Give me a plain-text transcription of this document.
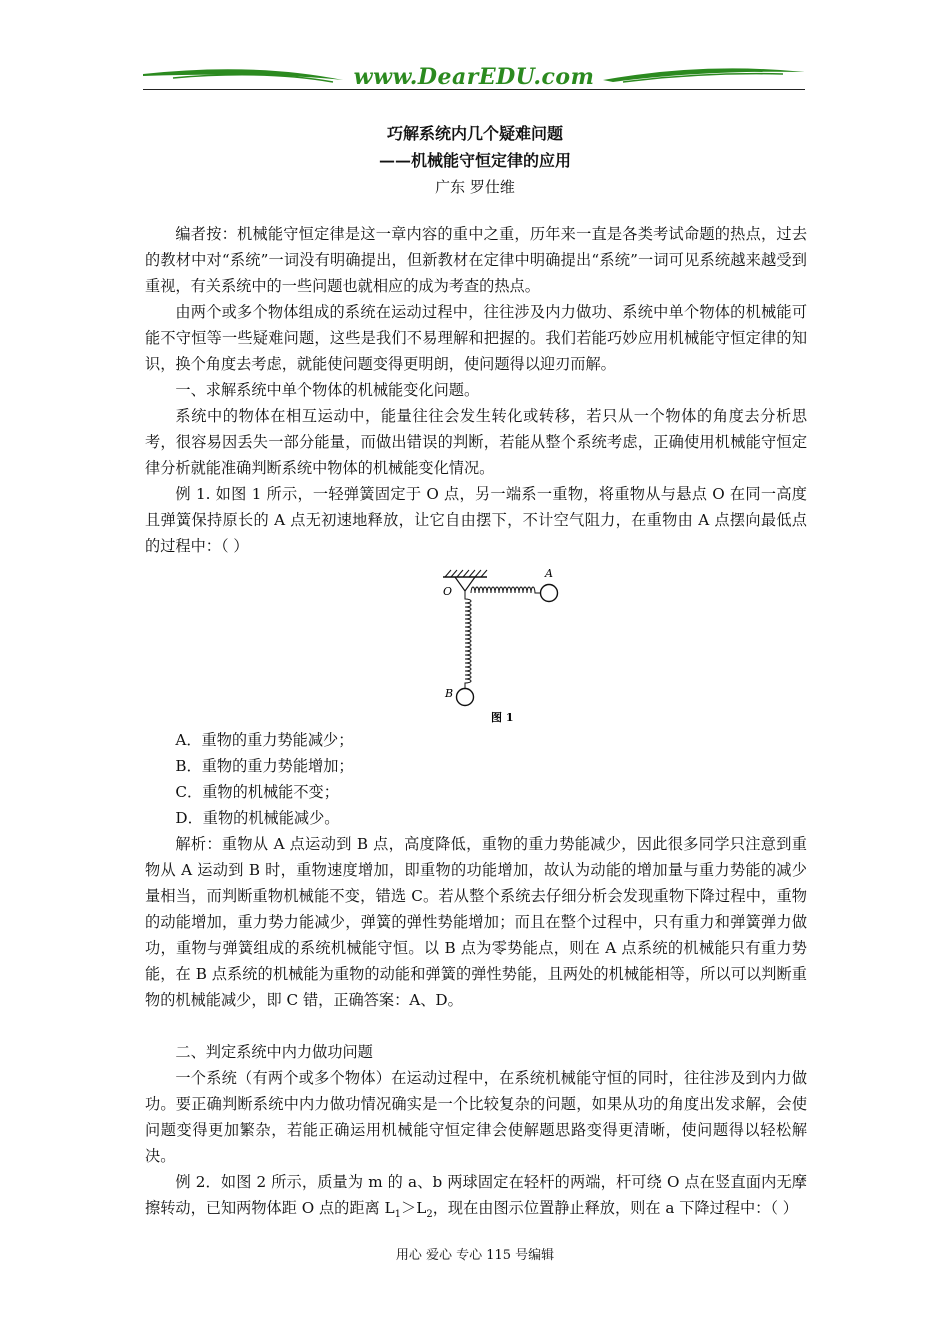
www.DearEDU.com
巧解系统内几个疑难问题
——机械能守恒定律的应用
广东 罗仕维

编者按：机械能守恒定律是这一章内容的重中之重，历年来一直是各类考试命题的热点，过去的教材中对“系统”一词没有明确提出，但新教材在定律中明确提出“系统”一词可见系统越来越受到重视，有关系统中的一些问题也就相应的成为考查的热点。

由两个或多个物体组成的系统在运动过程中，往往涉及内力做功、系统中单个物体的机械能可能不守恒等一些疑难问题，这些是我们不易理解和把握的。我们若能巧妙应用机械能守恒定律的知识，换个角度去考虑，就能使问题变得更明朗，使问题得以迎刃而解。

一、求解系统中单个物体的机械能变化问题。

系统中的物体在相互运动中，能量往往会发生转化或转移，若只从一个物体的角度去分析思考，很容易因丢失一部分能量，而做出错误的判断，若能从整个系统考虑，正确使用机械能守恒定律分析就能准确判断系统中物体的机械能变化情况。

例 1. 如图 1 所示，一轻弹簧固定于 O 点，另一端系一重物，将重物从与悬点 O 在同一高度且弹簧保持原长的 A 点无初速地释放，让它自由摆下，不计空气阻力，在重物由 A 点摆向最低点的过程中：（ ）

O
A
B
图 1

A．重物的重力势能减少；

B．重物的重力势能增加；

C．重物的机械能不变；

D．重物的机械能减少。

解析：重物从 A 点运动到 B 点，高度降低，重物的重力势能减少，因此很多同学只注意到重物从 A 运动到 B 时，重物速度增加，即重物的功能增加，故认为动能的增加量与重力势能的减少量相当，而判断重物机械能不变，错选 C。若从整个系统去仔细分析会发现重物下降过程中，重物的动能增加，重力势力能减少，弹簧的弹性势能增加；而且在整个过程中，只有重力和弹簧弹力做功，重物与弹簧组成的系统机械能守恒。以 B 点为零势能点，则在 A 点系统的机械能只有重力势能，在 B 点系统的机械能为重物的动能和弹簧的弹性势能，且两处的机械能相等，所以可以判断重物的机械能减少，即 C 错，正确答案：A、D。

二、判定系统中内力做功问题

一个系统（有两个或多个物体）在运动过程中，在系统机械能守恒的同时，往往涉及到内力做功。要正确判断系统中内力做功情况确实是一个比较复杂的问题，如果从功的角度出发求解，会使问题变得更加繁杂，若能正确运用机械能守恒定律会使解题思路变得更清晰，使问题得以轻松解决。

例 2．如图 2 所示，质量为 m 的 a、b 两球固定在轻杆的两端，杆可绕 O 点在竖直面内无摩擦转动，已知两物体距 O 点的距离 $L_1>L_2$，现在由图示位置静止释放，则在 a 下降过程中：（ ）

用心 爱心 专心 115 号编辑
